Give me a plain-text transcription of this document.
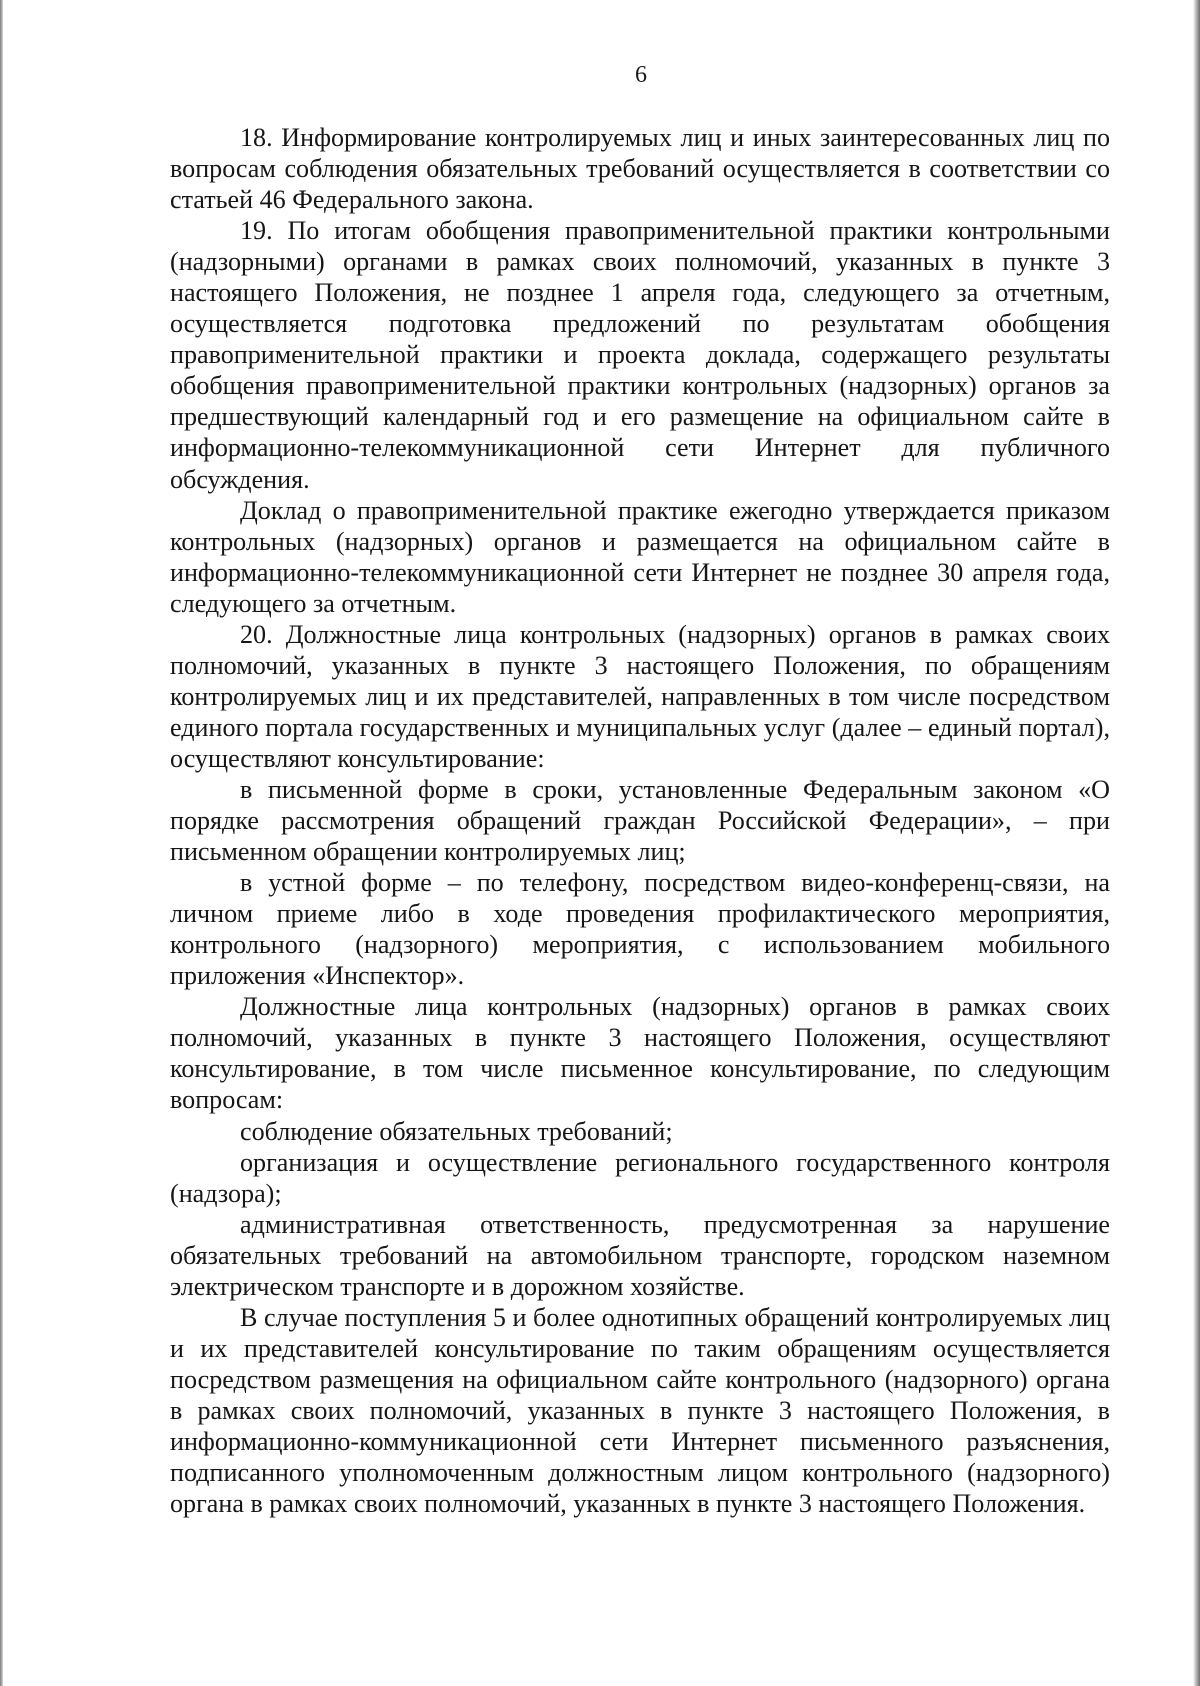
6

18. Информирование контролируемых лиц и иных заинтересованных лиц по вопросам соблюдения обязательных требований осуществляется в соответствии со статьей 46 Федерального закона.

19. По итогам обобщения правоприменительной практики контрольными (надзорными) органами в рамках своих полномочий, указанных в пункте 3 настоящего Положения, не позднее 1 апреля года, следующего за отчетным, осуществляется подготовка предложений по результатам обобщения правоприменительной практики и проекта доклада, содержащего результаты обобщения правоприменительной практики контрольных (надзорных) органов за предшествующий календарный год и его размещение на официальном сайте в информационно-телекоммуникационной сети Интернет для публичного обсуждения.

Доклад о правоприменительной практике ежегодно утверждается приказом контрольных (надзорных) органов и размещается на официальном сайте в информационно-телекоммуникационной сети Интернет не позднее 30 апреля года, следующего за отчетным.

20. Должностные лица контрольных (надзорных) органов в рамках своих полномочий, указанных в пункте 3 настоящего Положения, по обращениям контролируемых лиц и их представителей, направленных в том числе посредством единого портала государственных и муниципальных услуг (далее – единый портал), осуществляют консультирование:

в письменной форме в сроки, установленные Федеральным законом «О порядке рассмотрения обращений граждан Российской Федерации», – при письменном обращении контролируемых лиц;

в устной форме – по телефону, посредством видео-конференц-связи, на личном приеме либо в ходе проведения профилактического мероприятия, контрольного (надзорного) мероприятия, с использованием мобильного приложения «Инспектор».

Должностные лица контрольных (надзорных) органов в рамках своих полномочий, указанных в пункте 3 настоящего Положения, осуществляют консультирование, в том числе письменное консультирование, по следующим вопросам:

соблюдение обязательных требований;

организация и осуществление регионального государственного контроля (надзора);

административная ответственность, предусмотренная за нарушение обязательных требований на автомобильном транспорте, городском наземном электрическом транспорте и в дорожном хозяйстве.

В случае поступления 5 и более однотипных обращений контролируемых лиц и их представителей консультирование по таким обращениям осуществляется посредством размещения на официальном сайте контрольного (надзорного) органа в рамках своих полномочий, указанных в пункте 3 настоящего Положения, в информационно-коммуникационной сети Интернет письменного разъяснения, подписанного уполномоченным должностным лицом контрольного (надзорного) органа в рамках своих полномочий, указанных в пункте 3 настоящего Положения.
